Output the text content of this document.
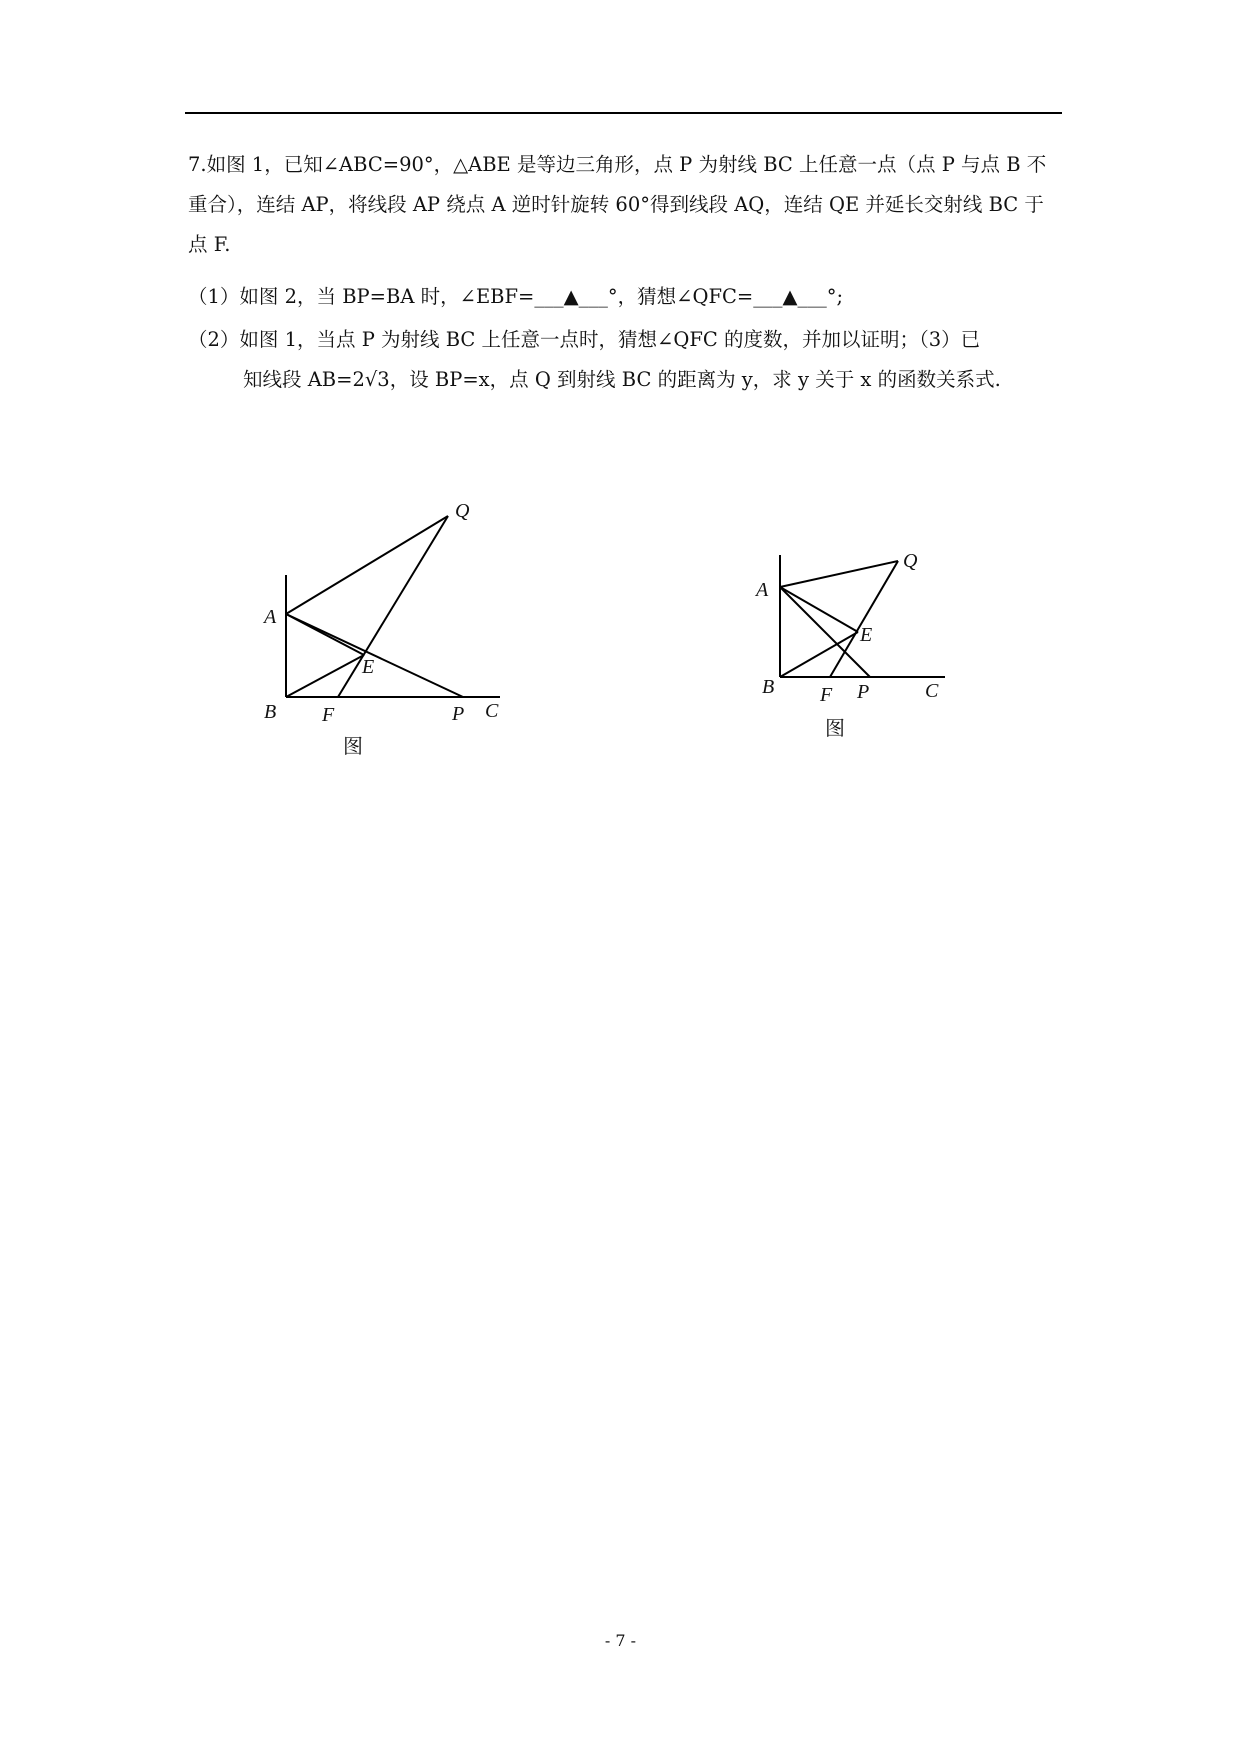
7.如图 1，已知∠ABC=90°，△ABE 是等边三角形，点 P 为射线 BC 上任意一点（点 P 与点 B 不重合），连结 AP，将线段 AP 绕点 A 逆时针旋转 60°得到线段 AQ，连结 QE 并延长交射线 BC 于点 F.
（1）如图 2，当 BP=BA 时，∠EBF=___▲___°，猜想∠QFC=___▲___°;
（2）如图 1，当点 P 为射线 BC 上任意一点时，猜想∠QFC 的度数，并加以证明；（3）已
知线段 AB=2√3，设 BP=x，点 Q 到射线 BC 的距离为 y，求 y 关于 x 的函数关系式.
Q
A
E
B F	P C
图
Q
A
E
B F P	C
图
- 7 -
